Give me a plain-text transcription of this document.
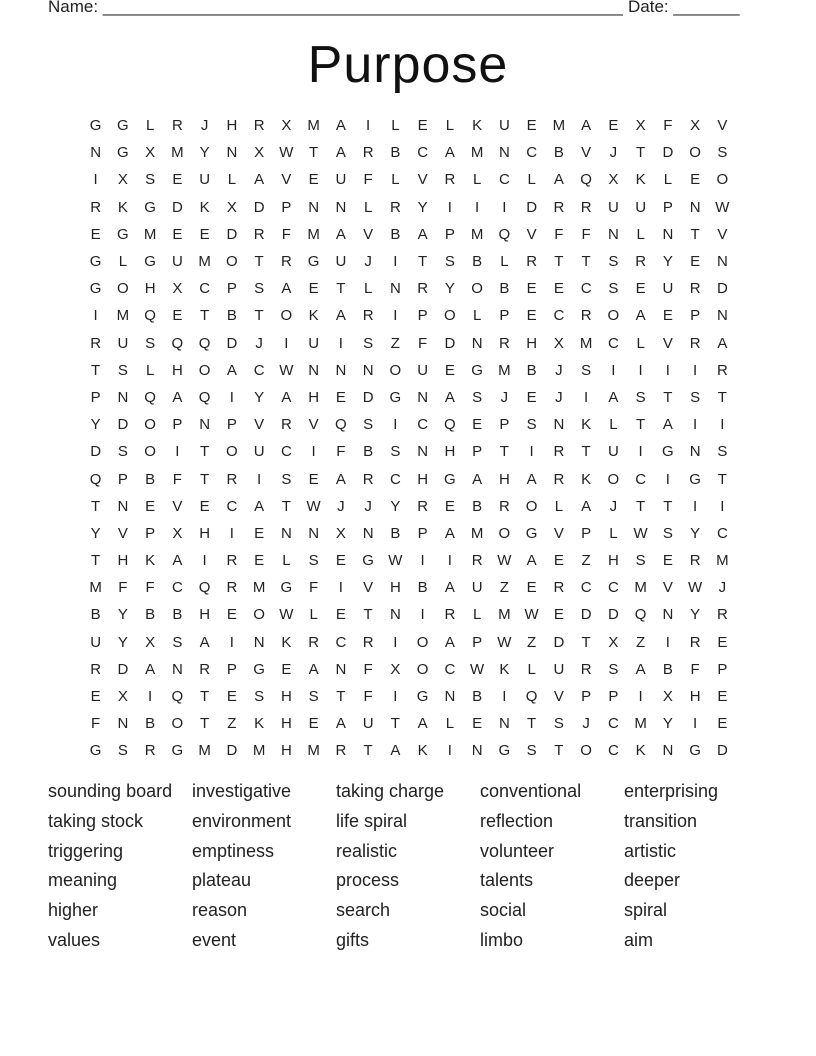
Name: _______________________________________________________ Date: _______
Purpose
G	G	L	R	J	H	R	X	M	A	I	L	E	L	K	U	E	M	A	E	X	F	X	V
N	G	X	M	Y	N	X	W	T	A	R	B	C	A	M	N	C	B	V	J	T	D	O	S
I	X	S	E	U	L	A	V	E	U	F	L	V	R	L	C	L	A	Q	X	K	L	E	O
R	K	G	D	K	X	D	P	N	N	L	R	Y	I	I	I	D	R	R	U	U	P	N W
E	G	M	E	E	D	R	F	M	A	V	B	A	P	M	Q	V	F	F	N	L	N	T	V
G	L	G	U	M	O	T	R	G	U	J	I	T	S	B	L	R	T	T	S	R	Y	E	N
G	O	H	X	C	P	S	A	E	T	L	N	R	Y	O	B	E	E	C	S	E	U	R	D
I	M	Q	E	T	B	T	O	K	A	R	I	P	O	L	P	E	C	R	O	A	E	P	N
R	U	S	Q	Q	D	J	I	U	I	S	Z	F	D	N	R	H	X	M	C	L	V	R	A
T	S	L	H	O	A	C W N	N	N	O	U	E	G	M	B	J	S	I	I	I	I	R
P	N	Q	A	Q	I	Y	A	H	E	D	G	N	A	S	J	E	J	I	A	S	T	S	T
Y	D	O	P	N	P	V	R	V	Q	S	I	C	Q	E	P	S	N	K	L	T	A	I	I
D	S	O	I	T	O	U	C	I	F	B	S	N	H	P	T	I	R	T	U	I	G	N	S
Q	P	B	F	T	R	I	S	E	A	R	C	H	G	A	H	A	R	K	O	C	I	G	T
T	N	E	V	E	C	A	T	W	J	J	Y	R	E	B	R	O	L	A	J	T	T	I	I
Y	V	P	X	H	I	E	N	N	X	N	B	P	A	M	O	G	V	P	L	W	S	Y	C
T	H	K	A	I	R	E	L	S	E	G W	I	I	R W	A	E	Z	H	S	E	R	M
M	F	F	C	Q	R	M	G	F	I	V	H	B	A	U	Z	E	R	C	C	M	V	W	J
B	Y	B	B	H	E	O W	L	E	T	N	I	R	L	M W	E	D	D	Q	N	Y	R
U	Y	X	S	A	I	N	K	R	C	R	I	O	A	P	W	Z	D	T	X	Z	I	R	E
R	D	A	N	R	P	G	E	A	N	F	X	O	C W	K	L	U	R	S	A	B	F	P
E	X	I	Q	T	E	S	H	S	T	F	I	G	N	B	I	Q	V	P	P	I	X	H	E
F	N	B	O	T	Z	K	H	E	A	U	T	A	L	E	N	T	S	J	C	M	Y	I	E
G	S	R	G	M	D	M	H	M	R	T	A	K	I	N	G	S	T	O	C	K	N	G	D
sounding board	investigative	taking charge	conventional	enterprising
taking stock	environment	life spiral	reflection	transition
triggering	emptiness	realistic	volunteer	artistic
meaning	plateau	process	talents	deeper
higher	reason	search	social	spiral
values	event	gifts	limbo	aim
